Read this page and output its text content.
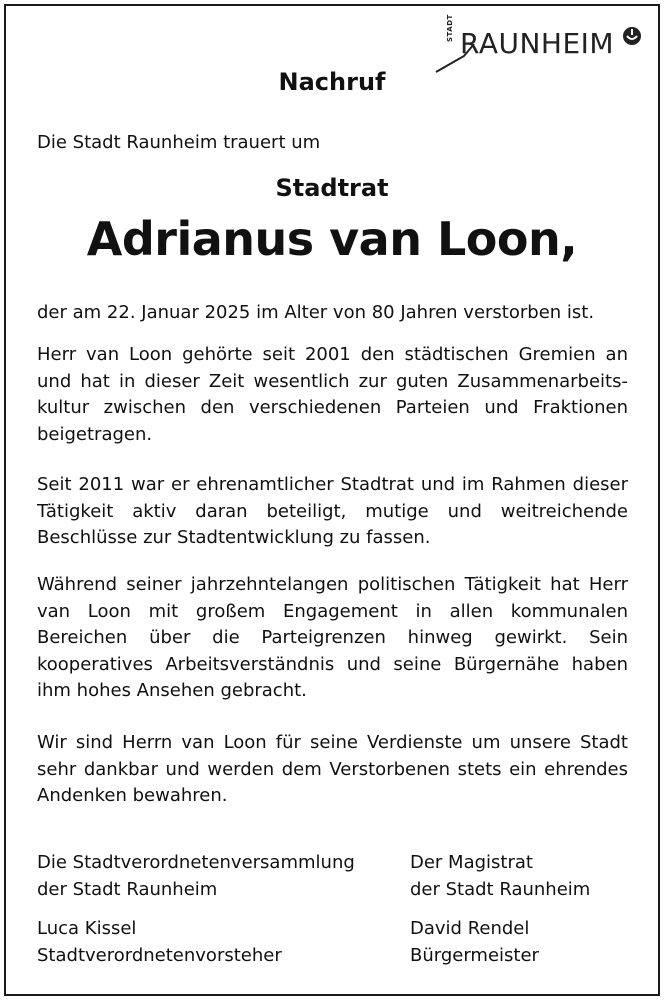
STADT RAUNHEIM
Nachruf

Die Stadt Raunheim trauert um

Stadtrat
Adrianus van Loon,

der am 22. Januar 2025 im Alter von 80 Jahren verstorben ist.

Herr van Loon gehörte seit 2001 den städtischen Gremien an und hat in dieser Zeit wesentlich zur guten Zusammenarbeitskultur zwischen den verschiedenen Parteien und Fraktionen beigetragen.

Seit 2011 war er ehrenamtlicher Stadtrat und im Rahmen dieser Tätigkeit aktiv daran beteiligt, mutige und weitreichende Beschlüsse zur Stadtentwicklung zu fassen.

Während seiner jahrzehntelangen politischen Tätigkeit hat Herr van Loon mit großem Engagement in allen kommunalen Bereichen über die Parteigrenzen hinweg gewirkt. Sein kooperatives Arbeitsverständnis und seine Bürgernähe haben ihm hohes Ansehen gebracht.

Wir sind Herrn van Loon für seine Verdienste um unsere Stadt sehr dankbar und werden dem Verstorbenen stets ein ehrendes Andenken bewahren.

Die Stadtverordnetenversammlung
der Stadt Raunheim
Der Magistrat
der Stadt Raunheim
Luca Kissel
Stadtverordnetenvorsteher
David Rendel
Bürgermeister
